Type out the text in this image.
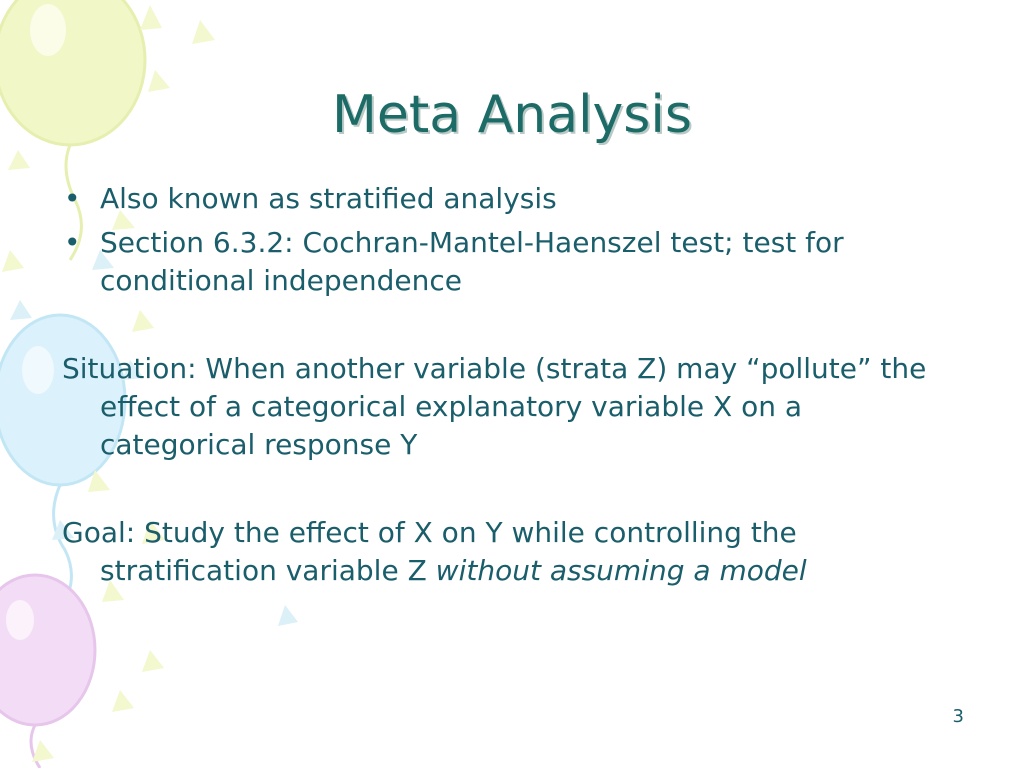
Meta Analysis
• Also known as stratified analysis
• Section 6.3.2: Cochran-Mantel-Haenszel test; test for conditional independence

Situation: When another variable (strata Z) may “pollute” the effect of a categorical explanatory variable X on a categorical response Y

Goal: Study the effect of X on Y while controlling the stratification variable Z without assuming a model

3
